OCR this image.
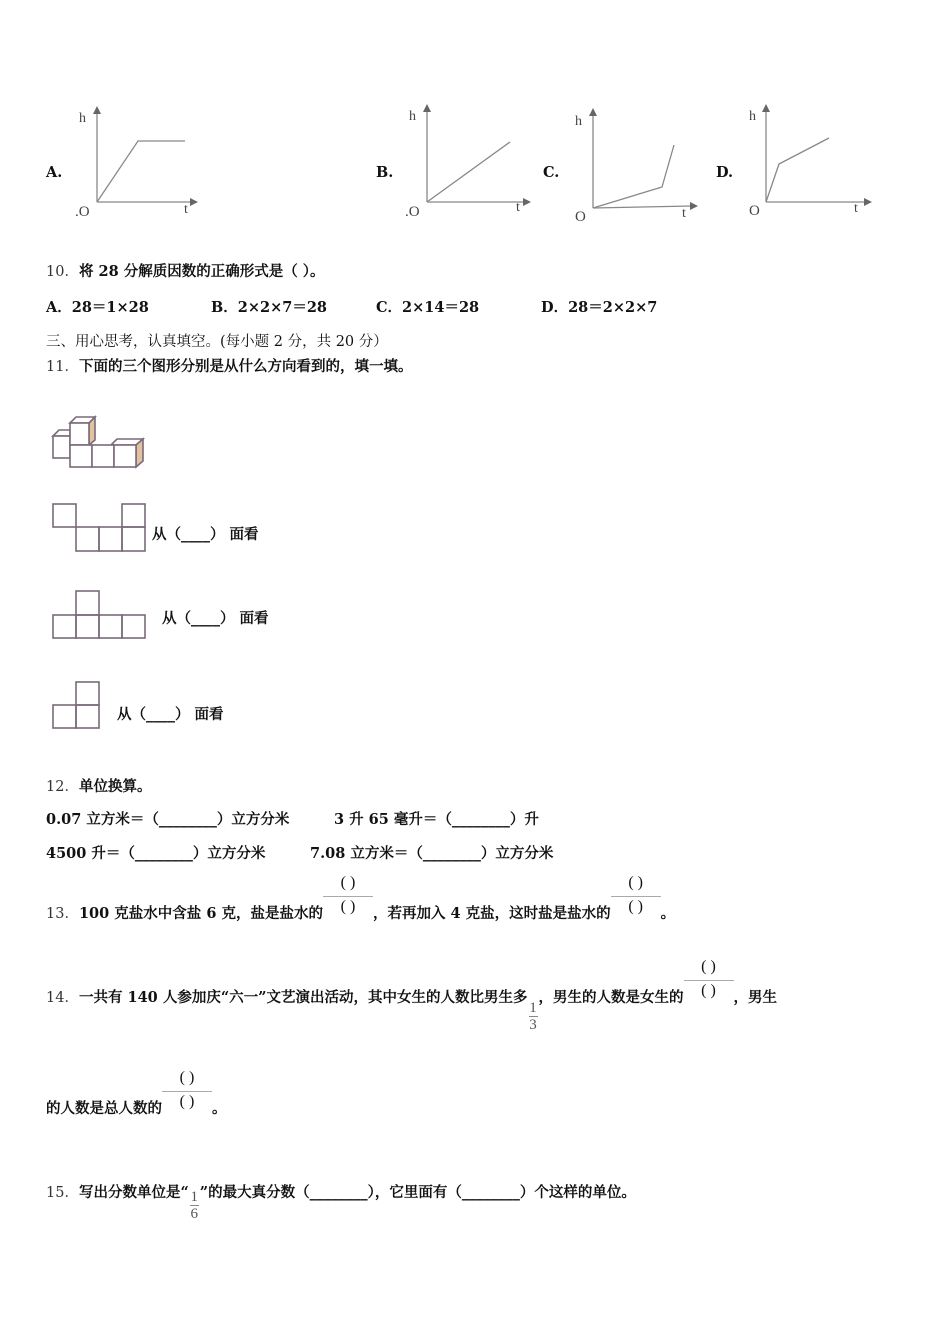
A.
h
.O	t
B.
h
.O	t
C.
h
O	t
D.
h
O	t
10．将 28 分解质因数的正确形式是（ ）。
A．28＝1×28	B．2×2×7＝28	C．2×14＝28	D．28＝2×2×7
三、用心思考，认真填空。(每小题 2 分，共 20 分）
11．下面的三个图形分别是从什么方向看到的，填一填。
从（____） 面看
从（____） 面看
从（____） 面看
12．单位换算。
0.07 立方米＝（________）立方分米	3 升 65 毫升＝（________）升
4500 升＝（________）立方分米	7.08 立方米＝（________）立方分米
13．100 克盐水中含盐 6 克，盐是盐水的
( )
( )	，若再加入 4 克盐，这时盐是盐水的
( )
( )	。
14．一共有 140 人参加庆“六一”文艺演出活动，其中女生的人数比男生多
$\frac{1}{3}$
，男生的人数是女生的
( )
( )	，男生
的人数是总人数的
( )
( )	。
15．写出分数单位是“ $\frac{1}{6}$ ”的最大真分数（________），它里面有（________）个这样的单位。
